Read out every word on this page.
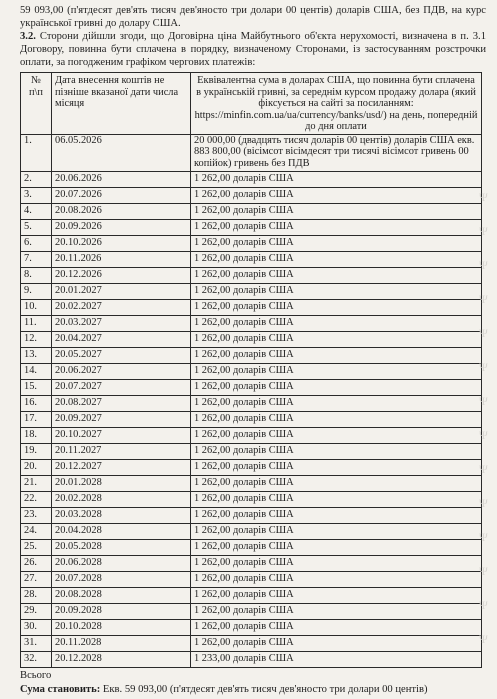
59 093,00 (п'ятдесят дев'ять тисяч дев'яносто три долари 00 центів) доларів США, без ПДВ, на курс української гривні до долару США.

3.2. Сторони дійшли згоди, що Договірна ціна Майбутнього об'єкта нерухомості, визначена в п. 3.1 Договору, повинна бути сплачена в порядку, визначеному Сторонами, із застосуванням розстрочки оплати, за погодженим графіком чергових платежів:

№ п\п	Дата внесення коштів не пізніше вказаної дати числа місяця	Еквівалентна сума в доларах США, що повинна бути сплачена в українській гривні, за середнім курсом продажу долара (який фіксується на сайті за посиланням: https://minfin.com.ua/ua/currency/banks/usd/) на день, попередній до дня оплати
1.	06.05.2026	20 000,00 (двадцять тисяч доларів 00 центів) доларів США екв. 883 800,00 (вісімсот вісімдесят три тисячі вісімсот гривень 00 копійок) гривень без ПДВ
2.	20.06.2026	1 262,00 доларів США
3.	20.07.2026	1 262,00 доларів США
4.	20.08.2026	1 262,00 доларів США
5.	20.09.2026	1 262,00 доларів США
6.	20.10.2026	1 262,00 доларів США
7.	20.11.2026	1 262,00 доларів США
8.	20.12.2026	1 262,00 доларів США
9.	20.01.2027	1 262,00 доларів США
10.	20.02.2027	1 262,00 доларів США
11.	20.03.2027	1 262,00 доларів США
12.	20.04.2027	1 262,00 доларів США
13.	20.05.2027	1 262,00 доларів США
14.	20.06.2027	1 262,00 доларів США
15.	20.07.2027	1 262,00 доларів США
16.	20.08.2027	1 262,00 доларів США
17.	20.09.2027	1 262,00 доларів США
18.	20.10.2027	1 262,00 доларів США
19.	20.11.2027	1 262,00 доларів США
20.	20.12.2027	1 262,00 доларів США
21.	20.01.2028	1 262,00 доларів США
22.	20.02.2028	1 262,00 доларів США
23.	20.03.2028	1 262,00 доларів США
24.	20.04.2028	1 262,00 доларів США
25.	20.05.2028	1 262,00 доларів США
26.	20.06.2028	1 262,00 доларів США
27.	20.07.2028	1 262,00 доларів США
28.	20.08.2028	1 262,00 доларів США
29.	20.09.2028	1 262,00 доларів США
30.	20.10.2028	1 262,00 доларів США
31.	20.11.2028	1 262,00 доларів США
32.	20.12.2028	1 233,00 доларів США
Всього
Сума становить: Екв. 59 093,00 (п'ятдесят дев'ять тисяч дев'яносто три долари 00 центів)
Ψ
Ψ
Ψ
Ψ
Ψ
Ψ
Ψ
Ψ
Ψ
Ψ
Ψ
Ψ
Ψ
Ψ
